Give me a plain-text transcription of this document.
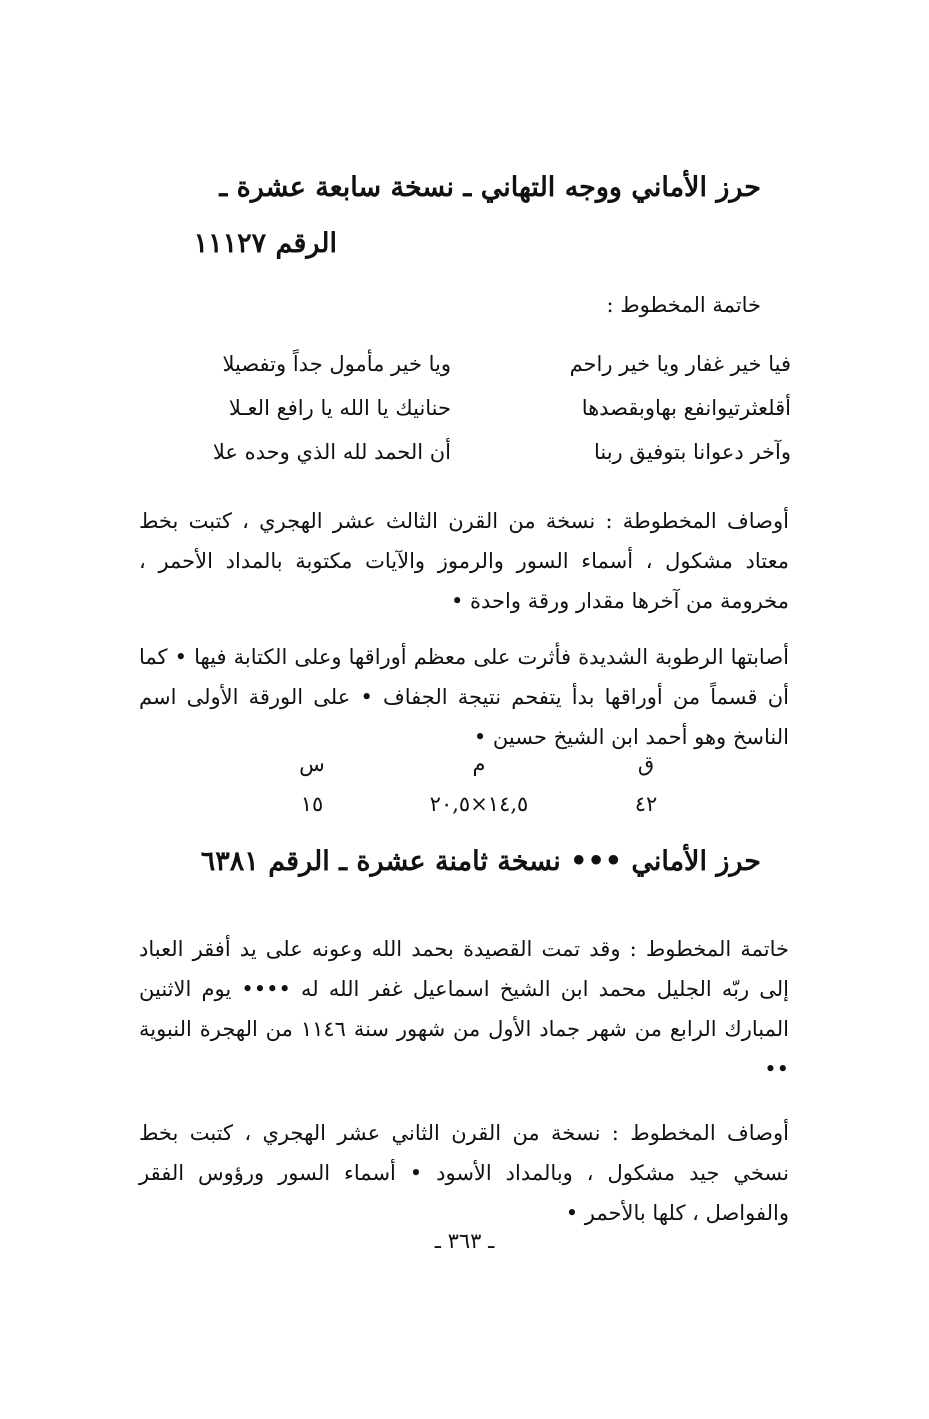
حرز الأماني ووجه التهاني ـ نسخة سابعة عشرة ـ
الرقم ١١١٢٧
خاتمة المخطوط :
فيا خير غفار ويا خير راحم
ويا خير مأمول جداً وتفصيلا
أقلعثرتيوانفع بهاوبقصدها
حنانيك يا الله يا رافع العـلا
وآخر دعوانا بتوفيق ربنا
أن الحمد لله الذي وحده علا

أوصاف المخطوطة : نسخة من القرن الثالث عشر الهجري ، كتبت بخط معتاد مشكول ، أسماء السور والرموز والآيات مكتوبة بالمداد الأحمر ، مخرومة من آخرها مقدار ورقة واحدة •

أصابتها الرطوبة الشديدة فأثرت على معظم أوراقها وعلى الكتابة فيها • كما أن قسماً من أوراقها بدأ يتفحم نتيجة الجفاف • على الورقة الأولى اسم الناسخ وهو أحمد ابن الشيخ حسين •

ق
م
س
٤٢
١٤,٥×٢٠,٥
١٥
حرز الأماني ••• نسخة ثامنة عشرة ـ الرقم ٦٣٨١

خاتمة المخطوط : وقد تمت القصيدة بحمد الله وعونه على يد أفقر العباد إلى ربّه الجليل محمد ابن الشيخ اسماعيل غفر الله له •••• يوم الاثنين المبارك الرابع من شهر جماد الأول من شهور سنة ١١٤٦ من الهجرة النبوية ••

أوصاف المخطوط : نسخة من القرن الثاني عشر الهجري ، كتبت بخط نسخي جيد مشكول ، وبالمداد الأسود • أسماء السور ورؤوس الفقر والفواصل ، كلها بالأحمر •

ـ ٣٦٣ ـ
